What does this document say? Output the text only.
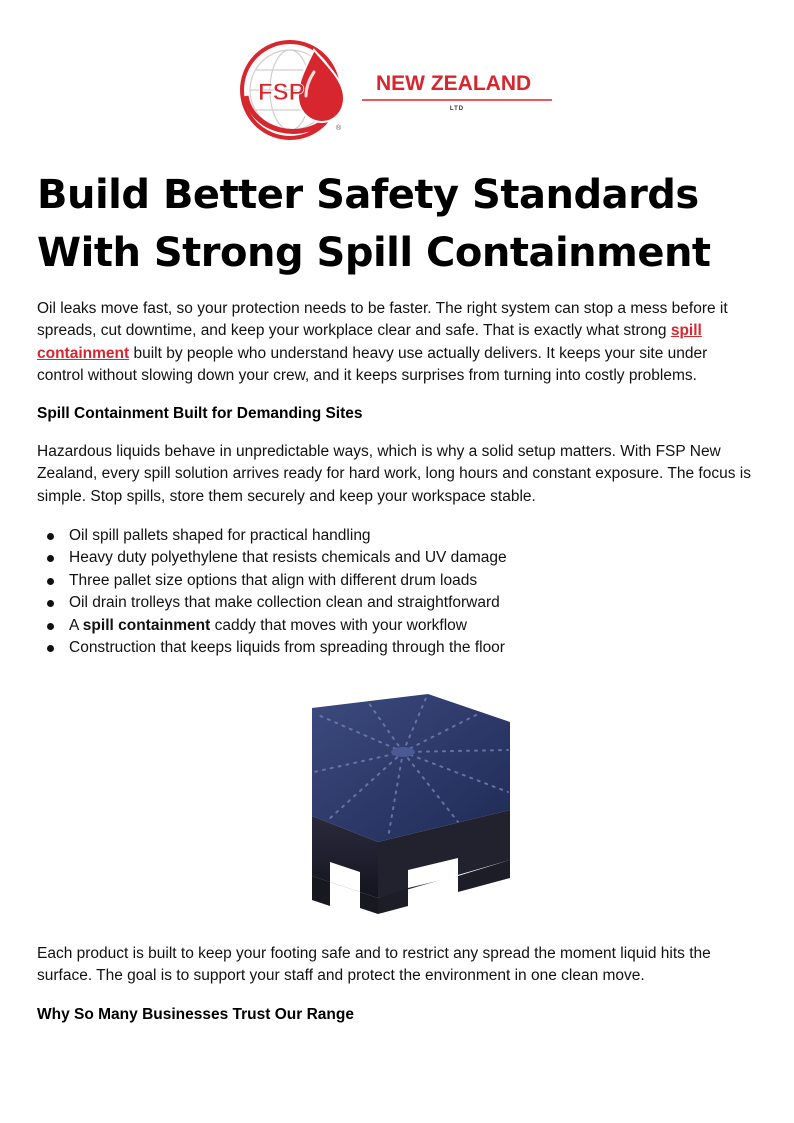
®
FSP	NEW ZEALAND
LTD
Build Better Safety Standards
With Strong Spill Containment

Oil leaks move fast, so your protection needs to be faster. The right system can stop a mess before it spreads, cut downtime, and keep your workplace clear and safe. That is exactly what strong spill containment built by people who understand heavy use actually delivers. It keeps your site under control without slowing down your crew, and it keeps surprises from turning into costly problems.

Spill Containment Built for Demanding Sites

Hazardous liquids behave in unpredictable ways, which is why a solid setup matters. With FSP New Zealand, every spill solution arrives ready for hard work, long hours and constant exposure. The focus is simple. Stop spills, store them securely and keep your workspace stable.

Oil spill pallets shaped for practical handling
Heavy duty polyethylene that resists chemicals and UV damage
Three pallet size options that align with different drum loads
Oil drain trolleys that make collection clean and straightforward
A spill containment caddy that moves with your workflow
Construction that keeps liquids from spreading through the floor

Each product is built to keep your footing safe and to restrict any spread the moment liquid hits the surface. The goal is to support your staff and protect the environment in one clean move.

Why So Many Businesses Trust Our Range
